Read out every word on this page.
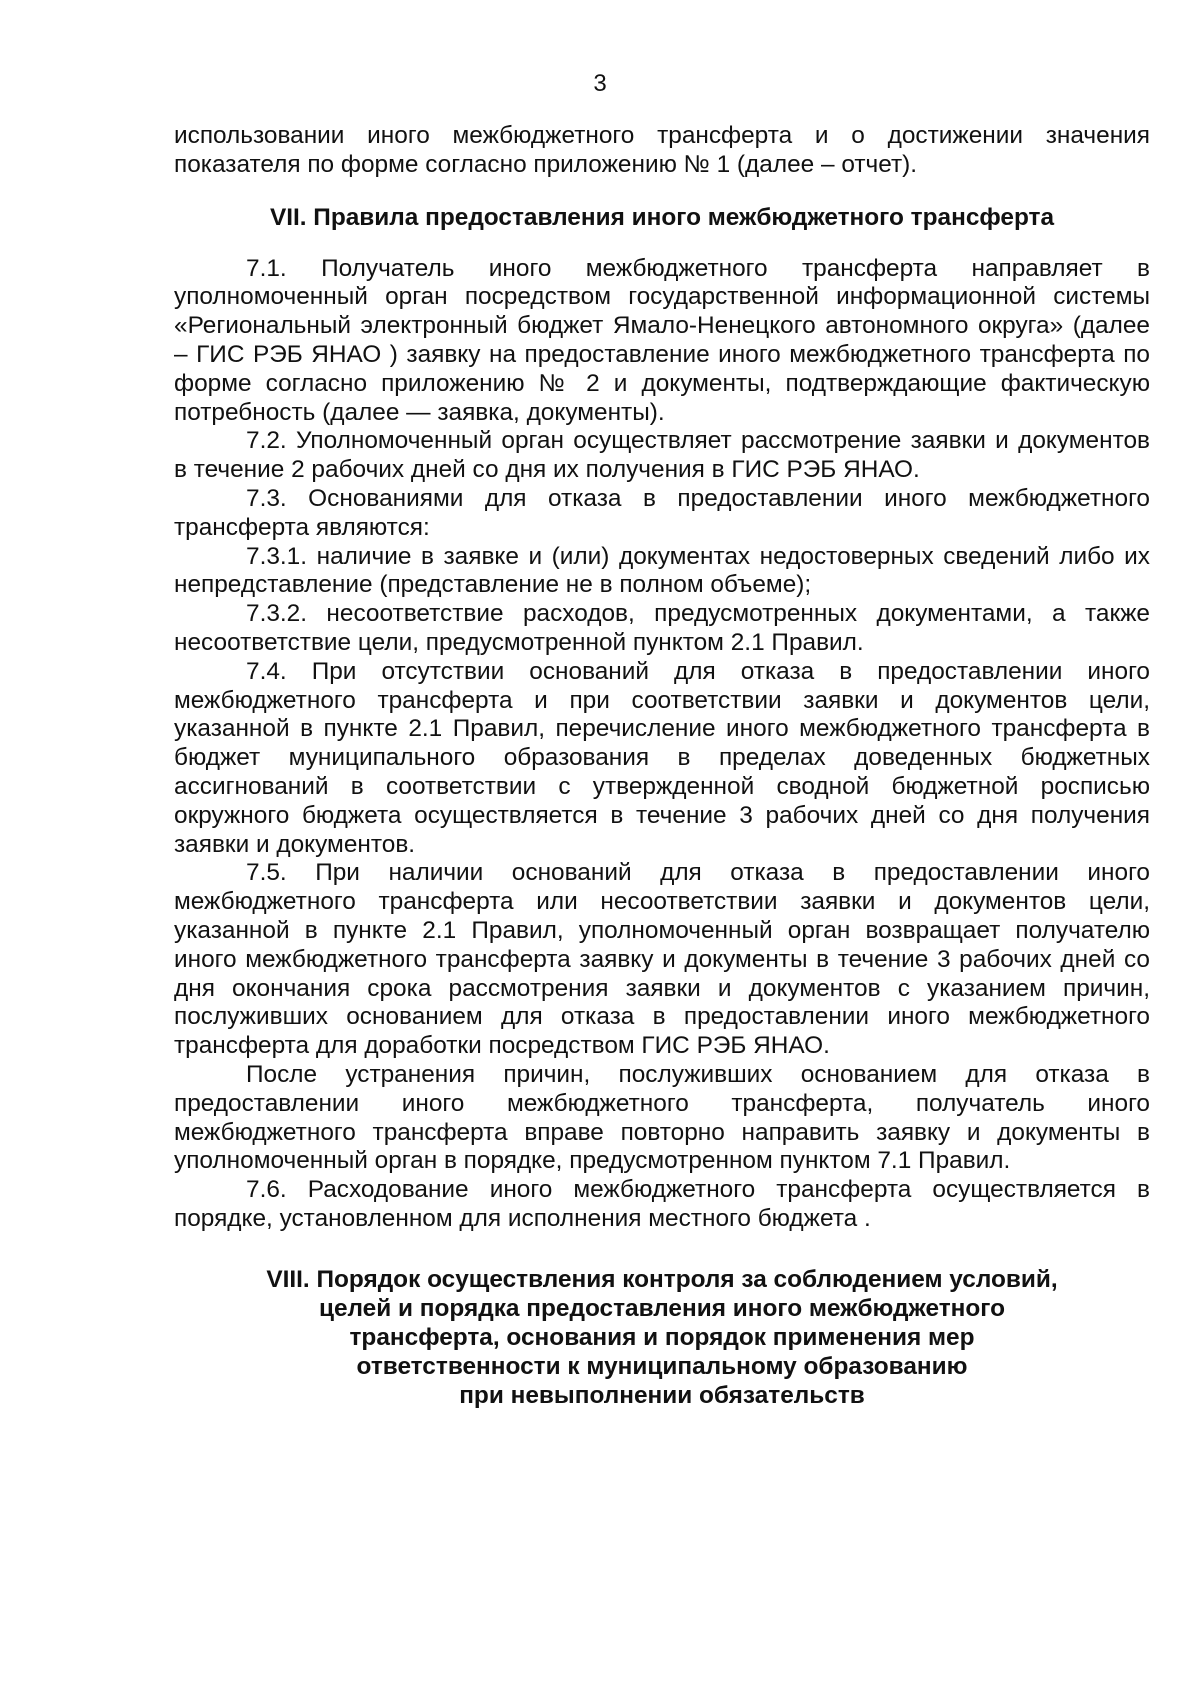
3

использовании иного межбюджетного трансферта и о достижении значения показателя по форме согласно приложению № 1 (далее – отчет).

VII. Правила предоставления иного межбюджетного трансферта

7.1. Получатель иного межбюджетного трансферта направляет в уполномоченный орган посредством государственной информационной системы «Региональный электронный бюджет Ямало-Ненецкого автономного округа» (далее – ГИС РЭБ ЯНАО ) заявку на предоставление иного межбюджетного трансферта по форме согласно приложению № 2 и документы, подтверждающие фактическую потребность (далее — заявка, документы).

7.2. Уполномоченный орган осуществляет рассмотрение заявки и документов в течение 2 рабочих дней со дня их получения в ГИС РЭБ ЯНАО.

7.3. Основаниями для отказа в предоставлении иного межбюджетного трансферта являются:

7.3.1. наличие в заявке и (или) документах недостоверных сведений либо их непредставление (представление не в полном объеме);

7.3.2. несоответствие расходов, предусмотренных документами, а также несоответствие цели, предусмотренной пунктом 2.1 Правил.

7.4. При отсутствии оснований для отказа в предоставлении иного межбюджетного трансферта и при соответствии заявки и документов цели, указанной в пункте 2.1 Правил, перечисление иного межбюджетного трансферта в бюджет муниципального образования в пределах доведенных бюджетных ассигнований в соответствии с утвержденной сводной бюджетной росписью окружного бюджета осуществляется в течение 3 рабочих дней со дня получения заявки и документов.

7.5. При наличии оснований для отказа в предоставлении иного межбюджетного трансферта или несоответствии заявки и документов цели, указанной в пункте 2.1 Правил, уполномоченный орган возвращает получателю иного межбюджетного трансферта заявку и документы в течение 3 рабочих дней со дня окончания срока рассмотрения заявки и документов с указанием причин, послуживших основанием для отказа в предоставлении иного межбюджетного трансферта для доработки посредством ГИС РЭБ ЯНАО.

После устранения причин, послуживших основанием для отказа в предоставлении иного межбюджетного трансферта, получатель иного межбюджетного трансферта вправе повторно направить заявку и документы в уполномоченный орган в порядке, предусмотренном пунктом 7.1 Правил.

7.6. Расходование иного межбюджетного трансферта осуществляется в порядке, установленном для исполнения местного бюджета .

VIII. Порядок осуществления контроля за соблюдением условий,
целей и порядка предоставления иного межбюджетного
трансферта, основания и порядок применения мер
ответственности к муниципальному образованию
при невыполнении обязательств
